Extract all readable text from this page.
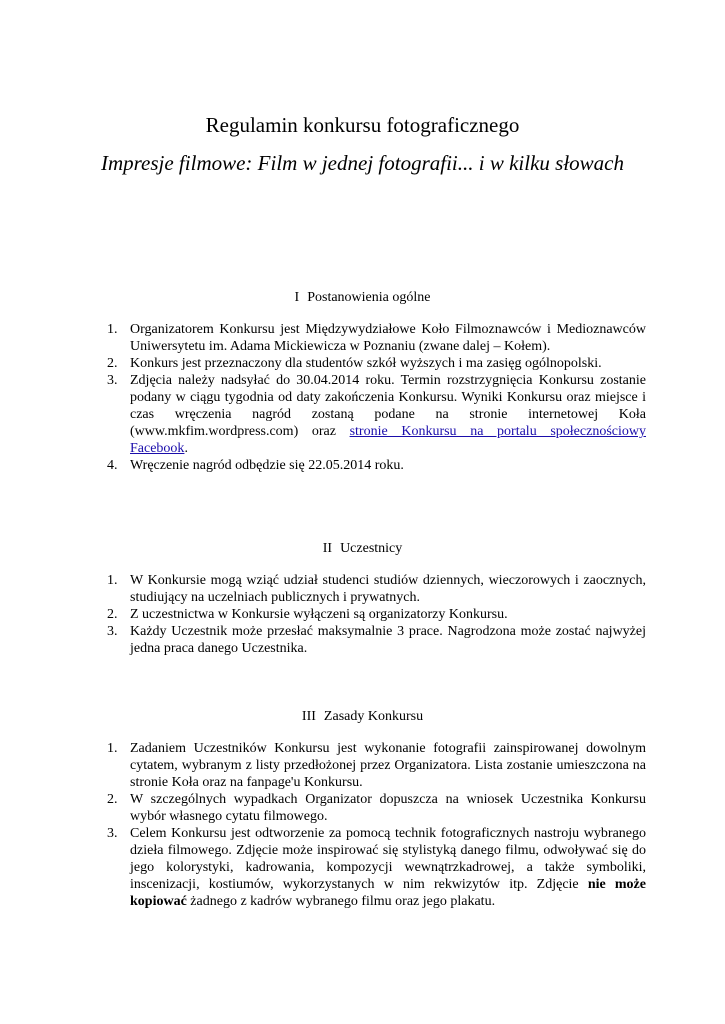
Regulamin konkursu fotograficznego
Impresje filmowe: Film w jednej fotografii... i w kilku słowach
I Postanowienia ogólne
1. Organizatorem Konkursu jest Międzywydziałowe Koło Filmoznawców i Medioznawców Uniwersytetu im. Adama Mickiewicza w Poznaniu (zwane dalej – Kołem).
2. Konkurs jest przeznaczony dla studentów szkół wyższych i ma zasięg ogólnopolski.
3. Zdjęcia należy nadsyłać do 30.04.2014 roku. Termin rozstrzygnięcia Konkursu zostanie podany w ciągu tygodnia od daty zakończenia Konkursu. Wyniki Konkursu oraz miejsce i czas wręczenia nagród zostaną podane na stronie internetowej Koła (www.mkfim.wordpress.com) oraz stronie Konkursu na portalu społecznościowy Facebook.
4. Wręczenie nagród odbędzie się 22.05.2014 roku.
II Uczestnicy
1. W Konkursie mogą wziąć udział studenci studiów dziennych, wieczorowych i zaocznych, studiujący na uczelniach publicznych i prywatnych.
2. Z uczestnictwa w Konkursie wyłączeni są organizatorzy Konkursu.
3. Każdy Uczestnik może przesłać maksymalnie 3 prace. Nagrodzona może zostać najwyżej jedna praca danego Uczestnika.
III Zasady Konkursu
1. Zadaniem Uczestników Konkursu jest wykonanie fotografii zainspirowanej dowolnym cytatem, wybranym z listy przedłożonej przez Organizatora. Lista zostanie umieszczona na stronie Koła oraz na fanpage'u Konkursu.
2. W szczególnych wypadkach Organizator dopuszcza na wniosek Uczestnika Konkursu wybór własnego cytatu filmowego.
3. Celem Konkursu jest odtworzenie za pomocą technik fotograficznych nastroju wybranego dzieła filmowego. Zdjęcie może inspirować się stylistyką danego filmu, odwoływać się do jego kolorystyki, kadrowania, kompozycji wewnątrzkadrowej, a także symboliki, inscenizacji, kostiumów, wykorzystanych w nim rekwizytów itp. Zdjęcie nie może kopiować żadnego z kadrów wybranego filmu oraz jego plakatu.
